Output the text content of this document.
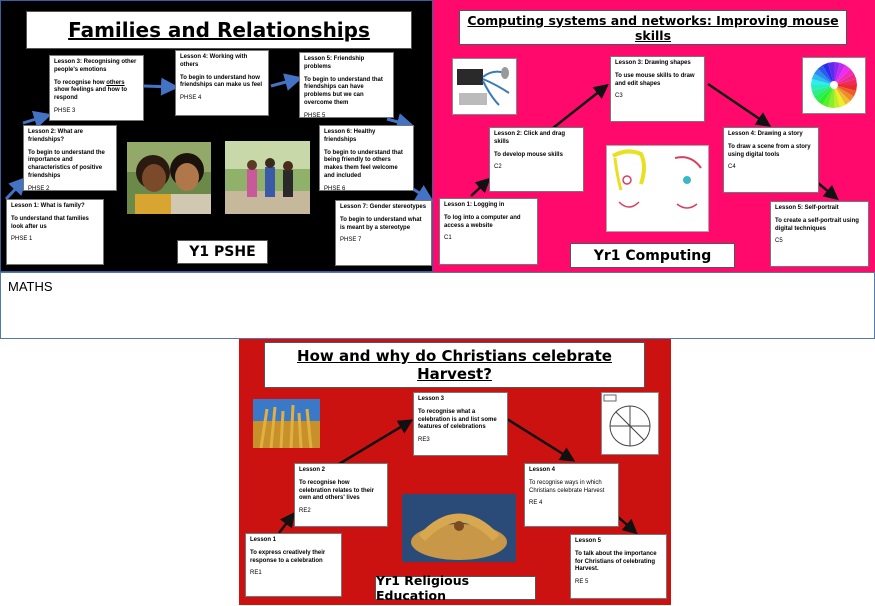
Families and Relationships
Lesson 1: What is family?
To understand that families look after us
PHSE 1
Lesson 2: What are friendships?
To begin to understand the importance and characteristics of positive friendships
PHSE 2
Lesson 3: Recognising other people's emotions
To recognise how others show feelings and how to respond
PHSE 3
Lesson 4: Working with others
To begin to understand how friendships can make us feel
PHSE 4
Lesson 5: Friendship problems
To begin to understand that friendships can have problems but we can overcome them
PHSE 5
Lesson 6: Healthy friendships
To begin to understand that being friendly to others makes them feel welcome and included
PHSE 6
Lesson 7: Gender stereotypes
To begin to understand what is meant by a stereotype
PHSE 7
Y1 PSHE
Computing systems and networks: Improving mouse skills
Lesson 1: Logging in
To log into a computer and access a website
C1
Lesson 2: Click and drag skills
To develop mouse skills
C2
Lesson 3: Drawing shapes
To use mouse skills to draw and edit shapes
C3
Lesson 4: Drawing a story
To draw a scene from a story using digital tools
C4
Lesson 5: Self-portrait
To create a self-portrait using digital techniques
C5
Yr1 Computing
MATHS
How and why do Christians celebrate Harvest?
Lesson 1
To express creatively their response to a celebration
RE1
Lesson 2
To recognise how celebration relates to their own and others' lives
RE2
Lesson 3
To recognise what a celebration is and list some features of celebrations
RE3
Lesson 4
To recognise ways in which Christians celebrate Harvest
RE 4
Lesson 5
To talk about the importance for Christians of celebrating Harvest.
RE 5
Yr1 Religious Education
